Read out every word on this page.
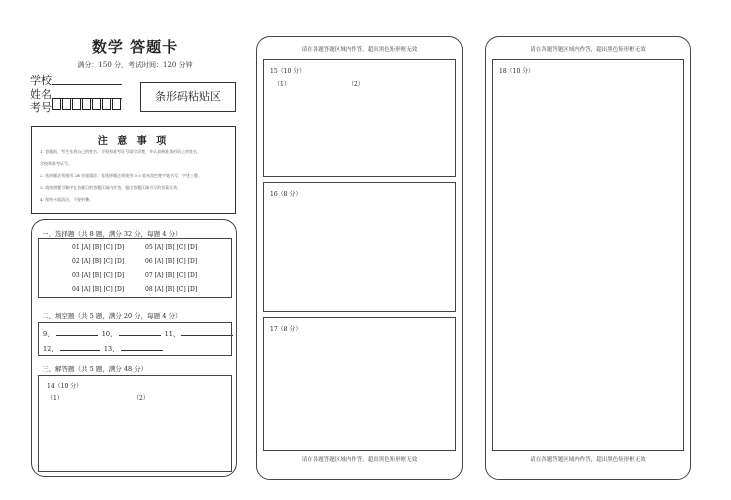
数学 答题卡
满分：150 分，考试时间：120 分钟
学校
姓名
考号
条形码粘贴区
注 意 事 项
1. 答题前，考生先将自己的姓名、学校和准考证号填写清楚，并认真核准条形码上的姓名、
学校和准考证号。
2. 选择题必须使用 2B 铅笔填涂；非选择题必须使用 0.5 毫米黑色签字笔书写，字迹工整。
3. 请按照题号顺序在各题目的答题区域内作答，超出答题区域书写的答案无效。
4. 保持卡面清洁，不要折叠。
一、选择题（共 8 题，满分 32 分，每题 4 分）
01 [A] [B] [C] [D]	05 [A] [B] [C] [D]
02 [A] [B] [C] [D]	06 [A] [B] [C] [D]
03 [A] [B] [C] [D]	07 [A] [B] [C] [D]
04 [A] [B] [C] [D]	08 [A] [B] [C] [D]
二、填空题（共 5 题，满分 20 分，每题 4 分）
9、	10、	11、
12、	13、
三、解答题（共 5 题，满分 48 分）
14（10 分）
（1）	（2）
请在各题答题区域内作答，超出黑色矩形框无效
15（10 分）
（1）	（2）
16（8 分）
17（8 分）
请在各题答题区域内作答，超出黑色矩形框无效
请在各题答题区域内作答，超出黑色矩形框无效
18（10 分）
请在各题答题区域内作答，超出黑色矩形框无效
